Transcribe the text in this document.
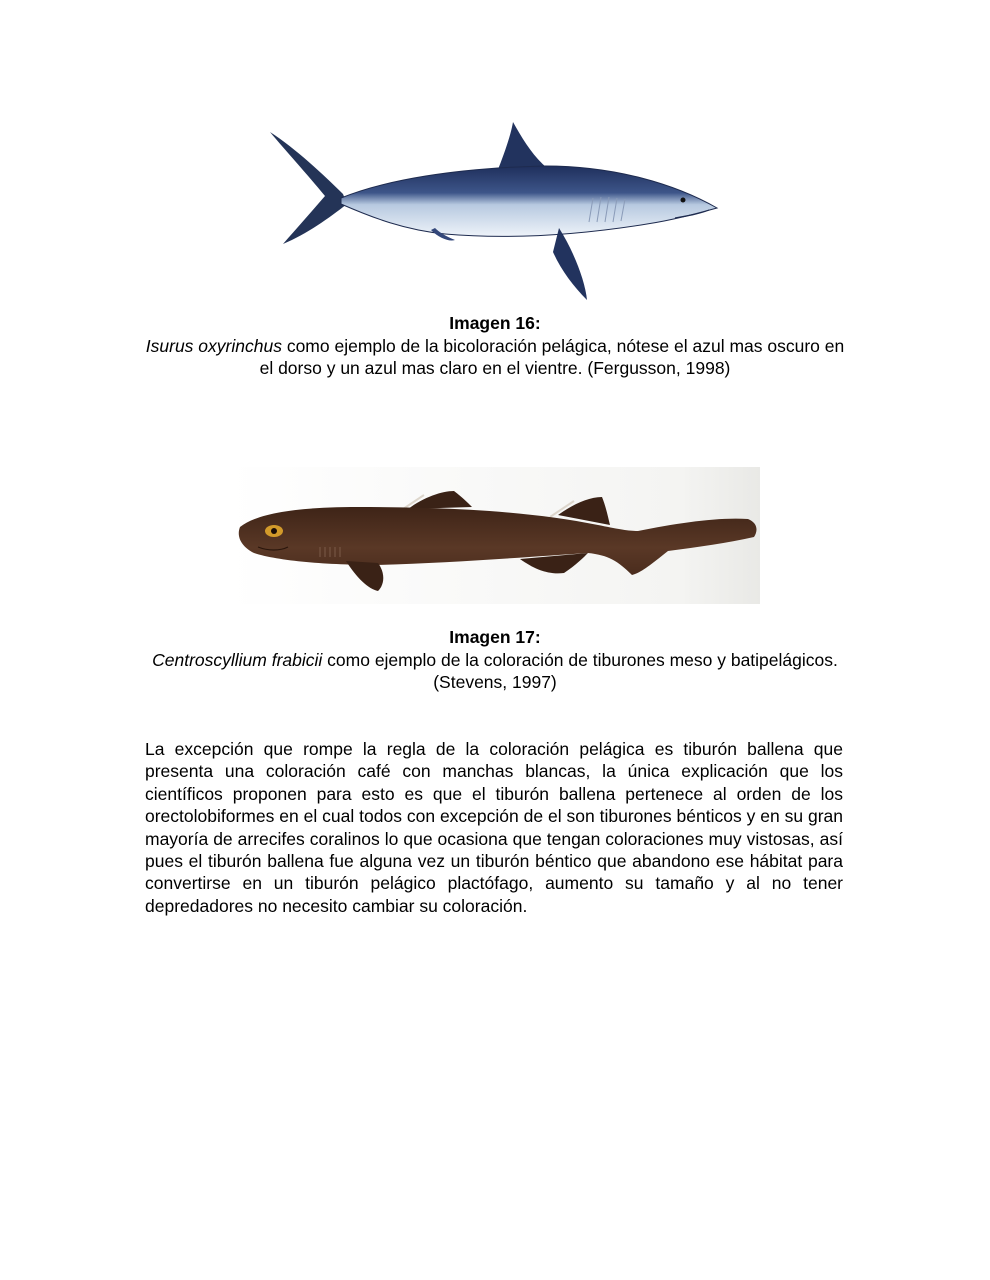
Imagen 16:
Isurus oxyrinchus como ejemplo de la bicoloración pelágica, nótese el azul mas oscuro en el dorso y un azul mas claro en el vientre. (Fergusson, 1998)
Imagen 17:
Centroscyllium frabicii como ejemplo de la coloración de tiburones meso y batipelágicos. (Stevens, 1997)

La excepción que rompe la regla de la coloración pelágica es tiburón ballena que presenta una coloración café con manchas blancas, la única explicación que los científicos proponen para esto es que el tiburón ballena pertenece al orden de los orectolobiformes en el cual todos con excepción de el son tiburones bénticos y en su gran mayoría de arrecifes coralinos lo que ocasiona que tengan coloraciones muy vistosas, así pues el tiburón ballena fue alguna vez un tiburón béntico que abandono ese hábitat para convertirse en un tiburón pelágico plactófago, aumento su tamaño y al no tener depredadores no necesito cambiar su coloración.
